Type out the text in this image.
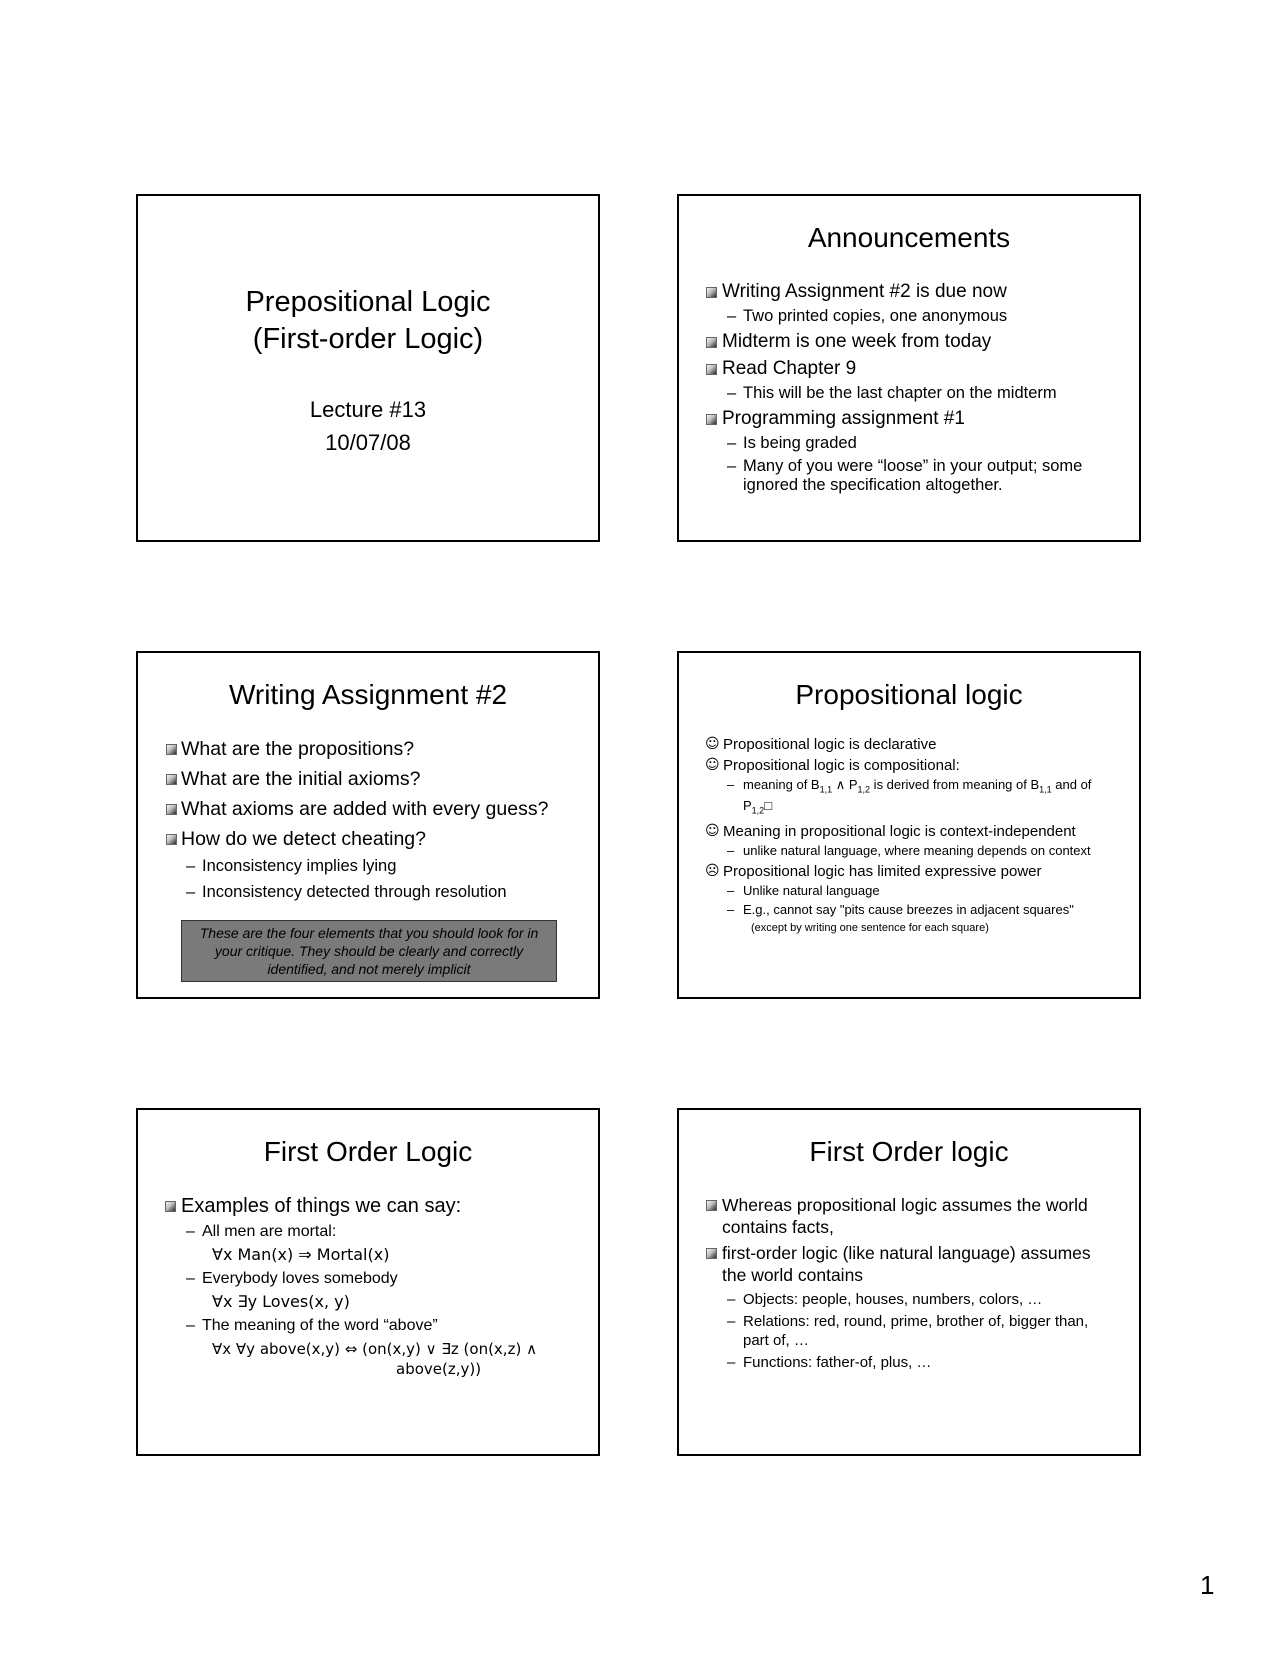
Prepositional Logic
(First-order Logic)
Lecture #13
10/07/08
Announcements
Writing Assignment #2 is due now
– Two printed copies, one anonymous
Midterm is one week from today
Read Chapter 9
– This will be the last chapter on the midterm
Programming assignment #1
– Is being graded
– Many of you were “loose” in your output; some ignored the specification altogether.
Writing Assignment #2
What are the propositions?
What are the initial axioms?
What axioms are added with every guess?
How do we detect cheating?
– Inconsistency implies lying
– Inconsistency detected through resolution
These are the four elements that you should look for in your critique. They should be clearly and correctly identified, and not merely implicit
Propositional logic
☺ Propositional logic is declarative
☺ Propositional logic is compositional:
– meaning of $B_{1,1}$ ∧ $P_{1,2}$ is derived from meaning of $B_{1,1}$ and of $P_{1,2}□$
☺ Meaning in propositional logic is context-independent
– unlike natural language, where meaning depends on context
☹ Propositional logic has limited expressive power
– Unlike natural language
– E.g., cannot say "pits cause breezes in adjacent squares"
(except by writing one sentence for each square)
First Order Logic
Examples of things we can say:
– All men are mortal:
∀x Man(x) ⇒ Mortal(x)
– Everybody loves somebody
∀x ∃y Loves(x, y)
– The meaning of the word “above”
∀x ∀y above(x,y) ⇔ (on(x,y) ∨ ∃z (on(x,z) ∧
above(z,y))
First Order logic
Whereas propositional logic assumes the world contains facts,
first-order logic (like natural language) assumes the world contains
– Objects: people, houses, numbers, colors, …
– Relations: red, round, prime, brother of, bigger than, part of, …
– Functions: father-of, plus, …
1
